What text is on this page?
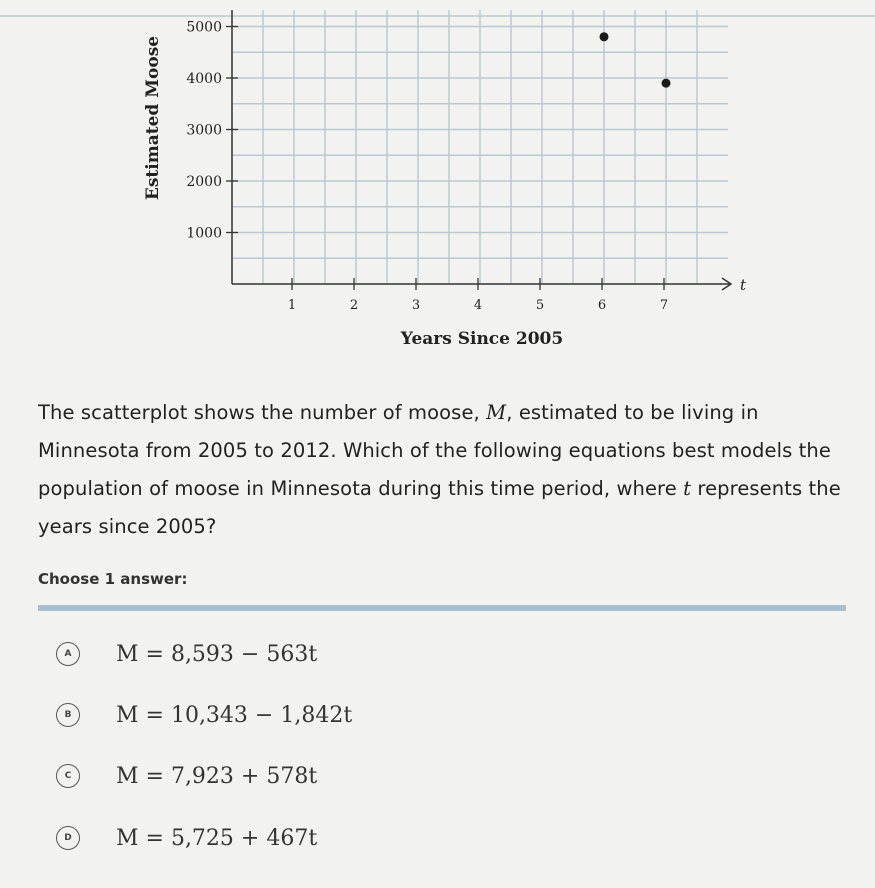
1	2	3	4	5	6	7
1000
2000
3000
4000
5000
Years Since 2005
Estimated Moose
t
The scatterplot shows the number of moose, M, estimated to be living in Minnesota from 2005 to 2012. Which of the following equations best models the population of moose in Minnesota during this time period, where t represents the years since 2005?
Choose 1 answer:
A	M = 8,593 − 563t
B	M = 10,343 − 1,842t
C	M = 7,923 + 578t
D	M = 5,725 + 467t
